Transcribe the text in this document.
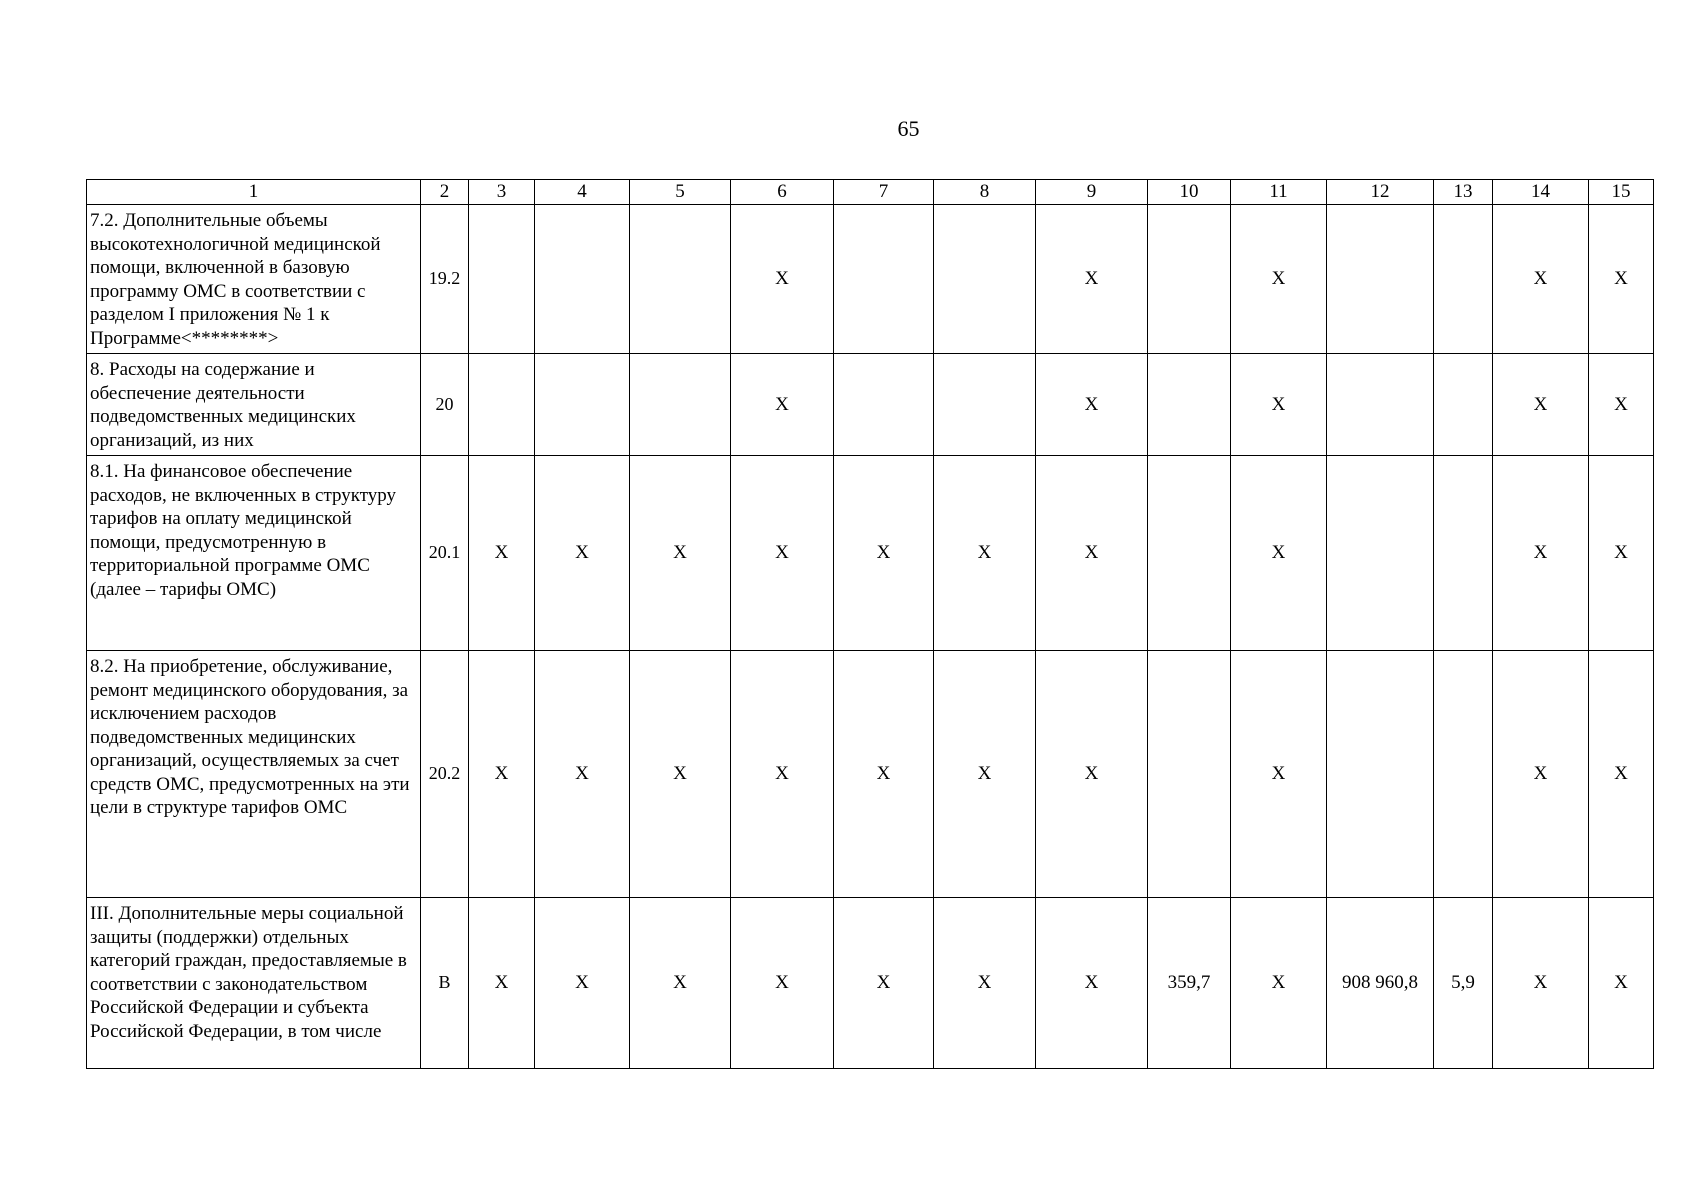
65
1	2	3	4	5	6	7	8	9	10	11	12	13	14	15
7.2. Дополнительные объемы высокотехнологичной медицинской помощи, включенной в базовую программу ОМС в соответствии с разделом I приложения № 1 к Программе<********>	19.2				X			X		X			X	X
8. Расходы на содержание и обеспечение деятельности подведомственных медицинских организаций, из них	20				X			X		X			X	X
8.1. На финансовое обеспечение расходов, не включенных в структуру тарифов на оплату медицинской помощи, предусмотренную в территориальной программе ОМС (далее – тарифы ОМС)	20.1	X	X	X	X	X	X	X		X			X	X
8.2. На приобретение, обслуживание, ремонт медицинского оборудования, за исключением расходов подведомственных медицинских организаций, осуществляемых за счет средств ОМС, предусмотренных на эти цели в структуре тарифов ОМС	20.2	X	X	X	X	X	X	X		X			X	X
III. Дополнительные меры социальной защиты (поддержки) отдельных категорий граждан, предоставляемые в соответствии с законодательством Российской Федерации и субъекта Российской Федерации, в том числе	В	X	X	X	X	X	X	X	359,7	X	908 960,8	5,9	X	X
